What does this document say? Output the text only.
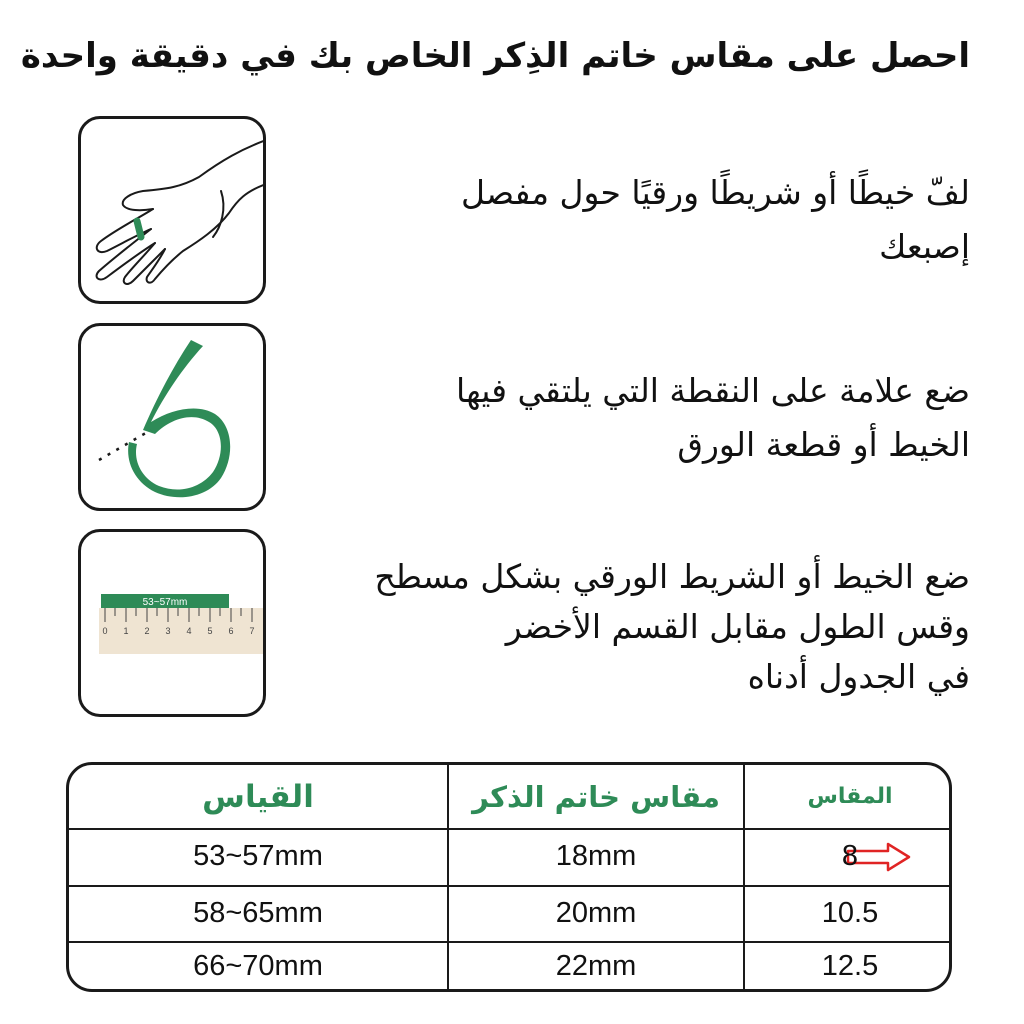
احصل على مقاس خاتم الذِكر الخاص بك في دقيقة واحدة
لفّ خيطًا أو شريطًا ورقيًا حول مفصل
إصبعك
ضع علامة على النقطة التي يلتقي فيها
الخيط أو قطعة الورق
53~57mm
0 1 2 3 4 5 6 7
ضع الخيط أو الشريط الورقي بشكل مسطح
وقس الطول مقابل القسم الأخضر
في الجدول أدناه
القياس	مقاس خاتم الذكر	المقاس
53~57mm	18mm	8
58~65mm	20mm	10.5
66~70mm	22mm	12.5
